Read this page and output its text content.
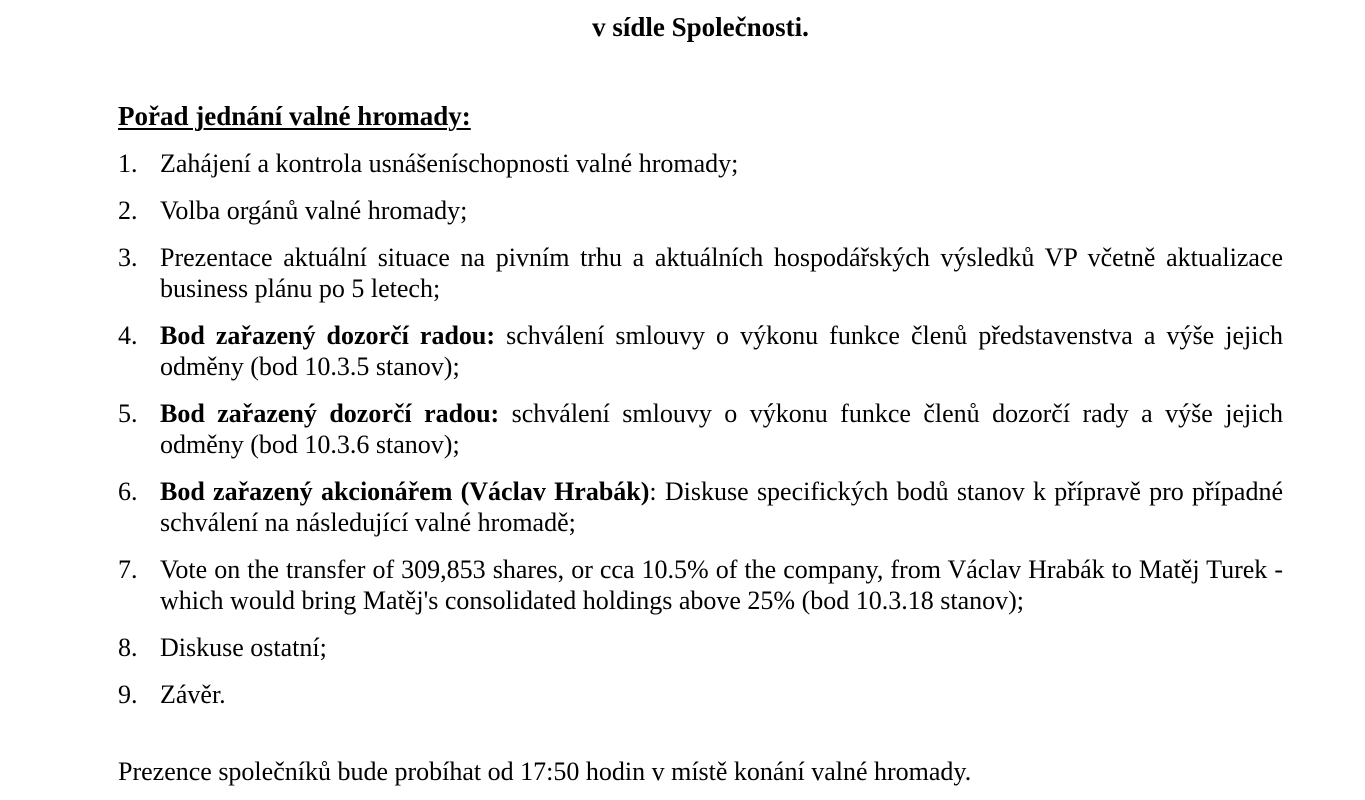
v sídle Společnosti.
Pořad jednání valné hromady:
1. Zahájení a kontrola usnášeníschopnosti valné hromady;
2. Volba orgánů valné hromady;
3. Prezentace aktuální situace na pivním trhu a aktuálních hospodářských výsledků VP včetně aktualizace business plánu po 5 letech;
4. Bod zařazený dozorčí radou: schválení smlouvy o výkonu funkce členů představenstva a výše jejich odměny (bod 10.3.5 stanov);
5. Bod zařazený dozorčí radou: schválení smlouvy o výkonu funkce členů dozorčí rady a výše jejich odměny (bod 10.3.6 stanov);
6. Bod zařazený akcionářem (Václav Hrabák): Diskuse specifických bodů stanov k přípravě pro případné schválení na následující valné hromadě;
7. Vote on the transfer of 309,853 shares, or cca 10.5% of the company, from Václav Hrabák to Matěj Turek - which would bring Matěj's consolidated holdings above 25% (bod 10.3.18 stanov);
8. Diskuse ostatní;
9. Závěr.
Prezence společníků bude probíhat od 17:50 hodin v místě konání valné hromady.
